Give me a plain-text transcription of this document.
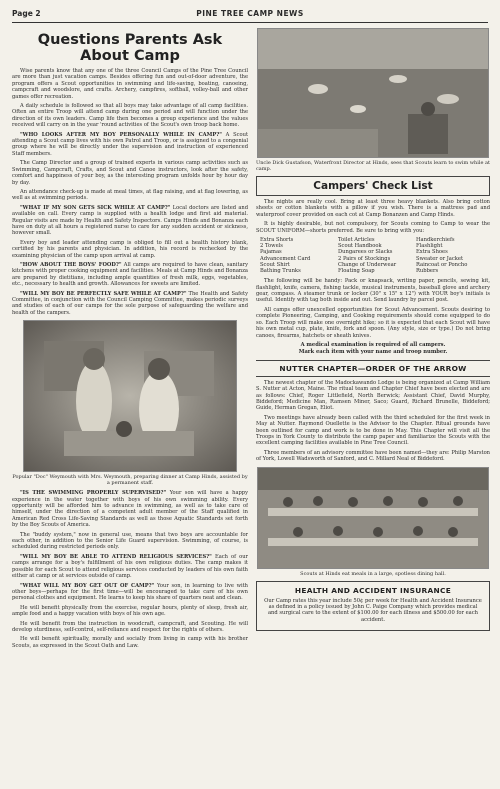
Page 2	PINE TREE CAMP NEWS
Questions Parents Ask About Camp

Wise parents know that any one of the three Council Camps of the Pine Tree Council are more than just vacation camps. Besides offering fun and out-of-door adventure, the program offers a Scout opportunities in swimming and life-saving, boating, canoeing, campcraft and woodslore, and crafts. Archery, campfires, softball, volley-ball and other games offer recreation.

A daily schedule is followed so that all boys may take advantage of all camp facilities. Often an entire Troop will attend camp during one period and will function under the direction of its own leaders. Camp life then becomes a group experience and the values received will carry on in the year 'round activities of the Scout's own troop back home.

"WHO LOOKS AFTER MY BOY PERSONALLY WHILE IN CAMP?" A Scout attending a Scout camp lives with his own Patrol and Troop, or is assigned to a congenial group where he will be directly under the supervision and instruction of experienced Staff members.

The Camp Director and a group of trained experts in various camp activities such as Swimming, Campcraft, Crafts, and Scout and Canoe instructors, look after the safety, comfort and happiness of your boy, as the interesting program unfolds hour by hour day by day.

An attendance check-up is made at meal times, at flag raising, and at flag lowering, as well as at swimming periods.

"WHAT IF MY SON GETS SICK WHILE AT CAMP?" Local doctors are listed and available on call. Every camp is supplied with a health lodge and first aid material. Regular visits are made by Health and Safety Inspectors. Camps Hinds and Bonanza each have on duty at all hours a registered nurse to care for any sudden accident or sickness, however small.

Every boy and leader attending camp is obliged to fill out a health history blank, certified by his parents and physician. In addition, his record is rechecked by the examining physician of the camp upon arrival at camp.

"HOW ABOUT THE BOYS' FOOD?" All camps are required to have clean, sanitary kitchens with proper cooking equipment and facilities. Meals at Camp Hinds and Bonanza are prepared by dietitians, including ample quantities of fresh milk, eggs, vegetables, etc., necessary to health and growth. Allowances for sweets are limited.

"WILL MY BOY BE PERFECTLY SAFE WHILE AT CAMP?" The Health and Safety Committee, in conjunction with the Council Camping Committee, makes periodic surveys and studies of each of our camps for the sole purpose of safeguarding the welfare and health of the campers.

Popular "Doc" Weymouth with Mrs. Weymouth, preparing dinner at Camp Hinds, assisted by a permanent staff.

"IS THE SWIMMING PROPERLY SUPERVISED?" Your son will have a happy experience in the water together with boys of his own swimming ability. Every opportunity will be afforded him to advance in swimming, as well as to take care of himself, under the direction of a competent adult member of the Staff qualified in American Red Cross Life-Saving Standards as well as those Aquatic Standards set forth by the Boy Scouts of America.

The "buddy system," now in general use, means that two boys are accountable for each other, in addition to the Senior Life Guard supervision. Swimming, of course, is scheduled during restricted periods only.

"WILL MY BOY BE ABLE TO ATTEND RELIGIOUS SERVICES?" Each of our camps arrange for a boy's fulfillment of his own religious duties. The camp makes it possible for each Scout to attend religious services conducted by leaders of his own faith either at camp or at services outside of camp.

"WHAT WILL MY BOY GET OUT OF CAMP?" Your son, in learning to live with other boys—perhaps for the first time—will be encouraged to take care of his own personal clothes and equipment. He learns to keep his share of quarters neat and clean.

He will benefit physically from the exercise, regular hours, plenty of sleep, fresh air, ample food and a happy vacation with boys of his own age.

He will benefit from the instruction in woodcraft, campcraft, and Scouting. He will develop sturdiness, self-control, self-reliance and respect for the rights of others.

He will benefit spiritually, morally and socially from living in camp with his brother Scouts, as expressed in the Scout Oath and Law.

Uncle Dick Gustafson, Waterfront Director at Hinds, sees that Scouts learn to swim while at camp.
Campers' Check List

The nights are really cool. Bring at least three heavy blankets. Also bring cotton sheets or cotton blankets with a pillow if you wish. There is a mattress pad and waterproof cover provided on each cot at Camp Bonanzen and Camp Hinds.

It is highly desirable, but not compulsory, for Scouts coming to Camp to wear the SCOUT UNIFORM—shorts preferred. Be sure to bring with you:

Extra Shorts	Toilet Articles	Handkerchiefs
2 Towels	Scout Handbook	Flashlight
Pajamas	Dungarees or Slacks	Extra Shoes
Advancement Card	2 Pairs of Stockings	Sweater or Jacket
Scout Shirt	Change of Underwear	Raincoat or Poncho
Bathing Trunks	Floating Soap	Rubbers

The following will be handy: Pack or knapsack, writing paper, pencils, sewing kit, flashlight, knife, camera, fishing tackle, musical instruments, baseball glove and archery gear, compass. A steamer trunk or locker (30" x 15" x 12") with YOUR boy's initials is useful. Identify with tag both inside and out. Send laundry by parcel post.

All camps offer unexcelled opportunities for Scout Advancement. Scouts desiring to complete Pioneering, Camping, and Cooking requirements should come equipped to do so. Each Troop will make one overnight hike; so it is expected that each Scout will have his own metal cup, plate, knife, fork and spoon. (Any style, size or type.) Do not bring canoes, firearms, hatchets or sheath knives.

A medical examination is required of all campers.

Mark each item with your name and troop number.

NUTTER CHAPTER—ORDER OF THE ARROW

The newest chapter of the Madockawando Lodge is being organized at Camp William S. Nutter at Acton, Maine. The ritual team and Chapter Chief have been elected and are as follows: Chief, Roger Littlefield, North Berwick; Assistant Chief, David Murphy, Biddeford; Medicine Man, Ramsen Miner, Saco; Guard, Richard Brunelle, Biddeford; Guide, Herman Gregan, Eliot.

Two meetings have already been called with the third scheduled for the first week in May at Nutter. Raymond Ouellette is the Advisor to the Chapter. Ritual grounds have been outlined for camp and work is to be done in May. This Chapter will visit all the Troops in York County to distribute the camp paper and familiarize the Scouts with the excellent camping facilities available in Pine Tree Council.

Three members of an advisory committee have been named—they are: Philip Marston of York, Lowell Wadsworth of Sanford, and C. Millard Neal of Biddeford.

Scouts at Hinds eat meals in a large, spotless dining hall.
HEALTH AND ACCIDENT INSURANCE

Our Camp rates this year include 50¢ per week for Health and Accident Insurance as defined in a policy issued by John C. Paige Company which provides medical and surgical care to the extent of $100.00 for each illness and $500.00 for each accident.
